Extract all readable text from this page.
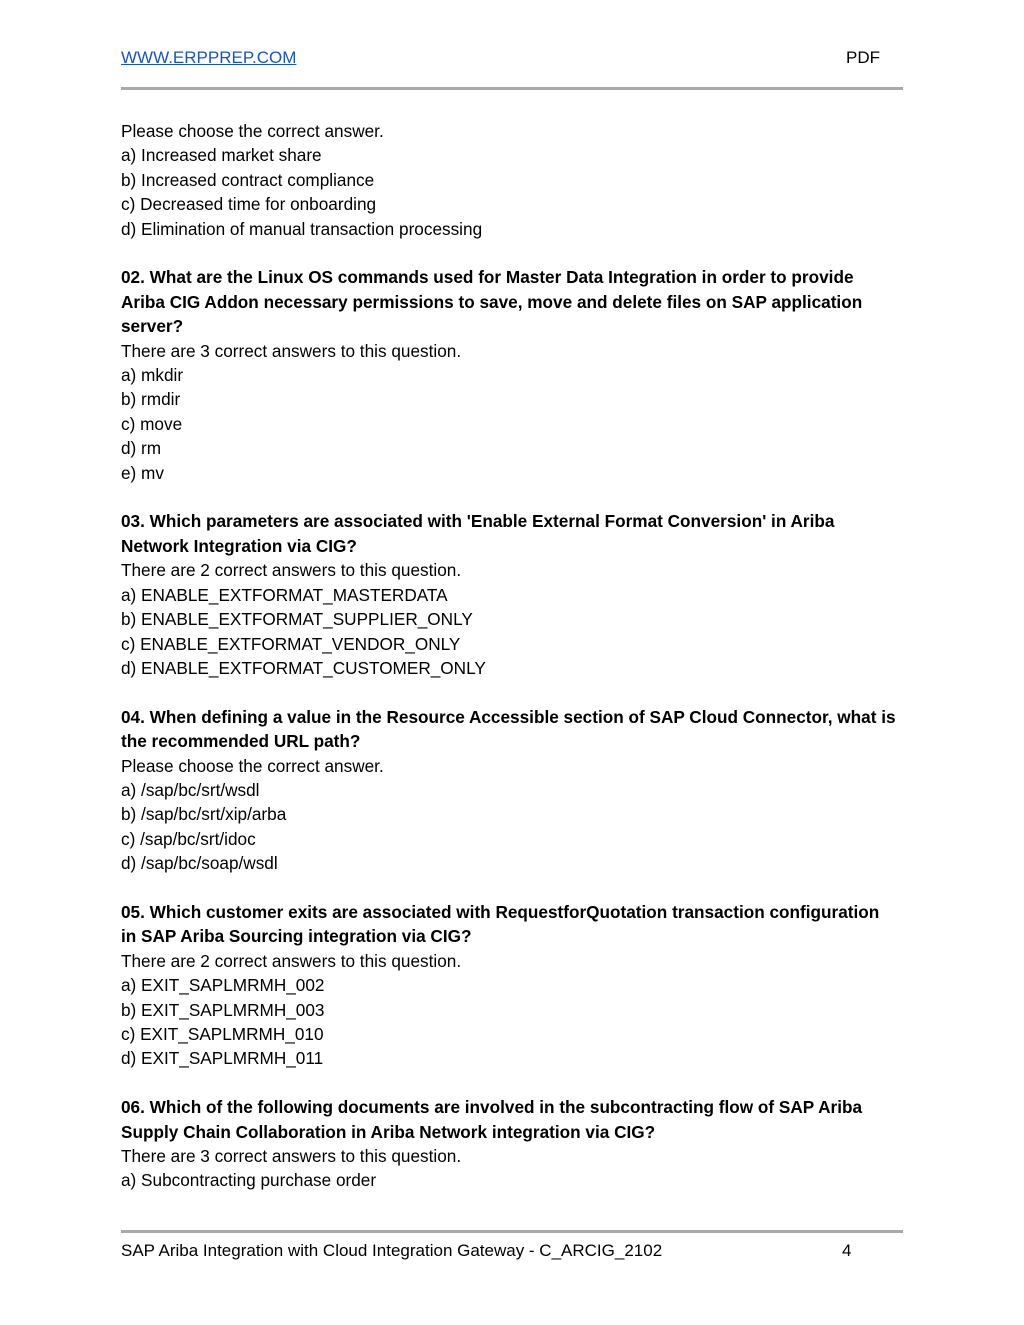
WWW.ERPPREP.COM	PDF

Please choose the correct answer.

a) Increased market share

b) Increased contract compliance

c) Decreased time for onboarding

d) Elimination of manual transaction processing

02. What are the Linux OS commands used for Master Data Integration in order to provide Ariba CIG Addon necessary permissions to save, move and delete files on SAP application server?

There are 3 correct answers to this question.

a) mkdir

b) rmdir

c) move

d) rm

e) mv

03. Which parameters are associated with 'Enable External Format Conversion' in Ariba Network Integration via CIG?

There are 2 correct answers to this question.

a) ENABLE_EXTFORMAT_MASTERDATA

b) ENABLE_EXTFORMAT_SUPPLIER_ONLY

c) ENABLE_EXTFORMAT_VENDOR_ONLY

d) ENABLE_EXTFORMAT_CUSTOMER_ONLY

04. When defining a value in the Resource Accessible section of SAP Cloud Connector, what is the recommended URL path?

Please choose the correct answer.

a) /sap/bc/srt/wsdl

b) /sap/bc/srt/xip/arba

c) /sap/bc/srt/idoc

d) /sap/bc/soap/wsdl

05. Which customer exits are associated with RequestforQuotation transaction configuration in SAP Ariba Sourcing integration via CIG?

There are 2 correct answers to this question.

a) EXIT_SAPLMRMH_002

b) EXIT_SAPLMRMH_003

c) EXIT_SAPLMRMH_010

d) EXIT_SAPLMRMH_011

06. Which of the following documents are involved in the subcontracting flow of SAP Ariba Supply Chain Collaboration in Ariba Network integration via CIG?

There are 3 correct answers to this question.

a) Subcontracting purchase order

SAP Ariba Integration with Cloud Integration Gateway - C_ARCIG_2102	4
